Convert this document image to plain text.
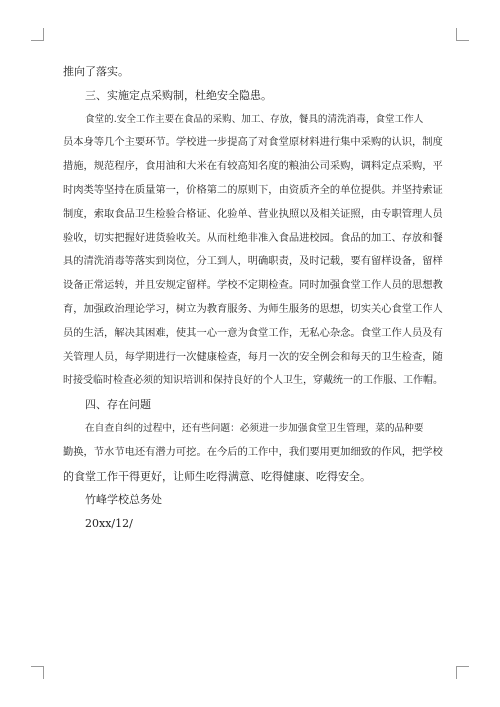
推向了落实。

三、实施定点采购制，杜绝安全隐患。

食堂的.安全工作主要在食品的采购、加工、存放，餐具的清洗消毒，食堂工作人
员本身等几个主要环节。学校进一步提高了对食堂原材料进行集中采购的认识，制度
措施，规范程序，食用油和大米在有较高知名度的粮油公司采购，调料定点采购，平
时肉类等坚持在质量第一，价格第二的原则下，由资质齐全的单位提供。并坚持索证
制度，索取食品卫生检验合格证、化验单、营业执照以及相关证照，由专职管理人员
验收，切实把握好进货验收关。从而杜绝非准入食品进校园。食品的加工、存放和餐
具的清洗消毒等落实到岗位，分工到人，明确职责，及时记载，要有留样设备，留样
设备正常运转，并且安规定留样。学校不定期检查。同时加强食堂工作人员的思想教
育，加强政治理论学习，树立为教育服务、为师生服务的思想，切实关心食堂工作人
员的生活，解决其困难，使其一心一意为食堂工作，无私心杂念。食堂工作人员及有
关管理人员，每学期进行一次健康检查，每月一次的安全例会和每天的卫生检查，随
时接受临时检查必须的知识培训和保持良好的个人卫生，穿戴统一的工作服、工作帽。

四、存在问题

在自查自纠的过程中，还有些问题：必须进一步加强食堂卫生管理，菜的品种要
勤换，节水节电还有潜力可挖。在今后的工作中，我们要用更加细致的作风，把学校
的食堂工作干得更好，让师生吃得满意、吃得健康、吃得安全。

竹峰学校总务处

20xx/12/
